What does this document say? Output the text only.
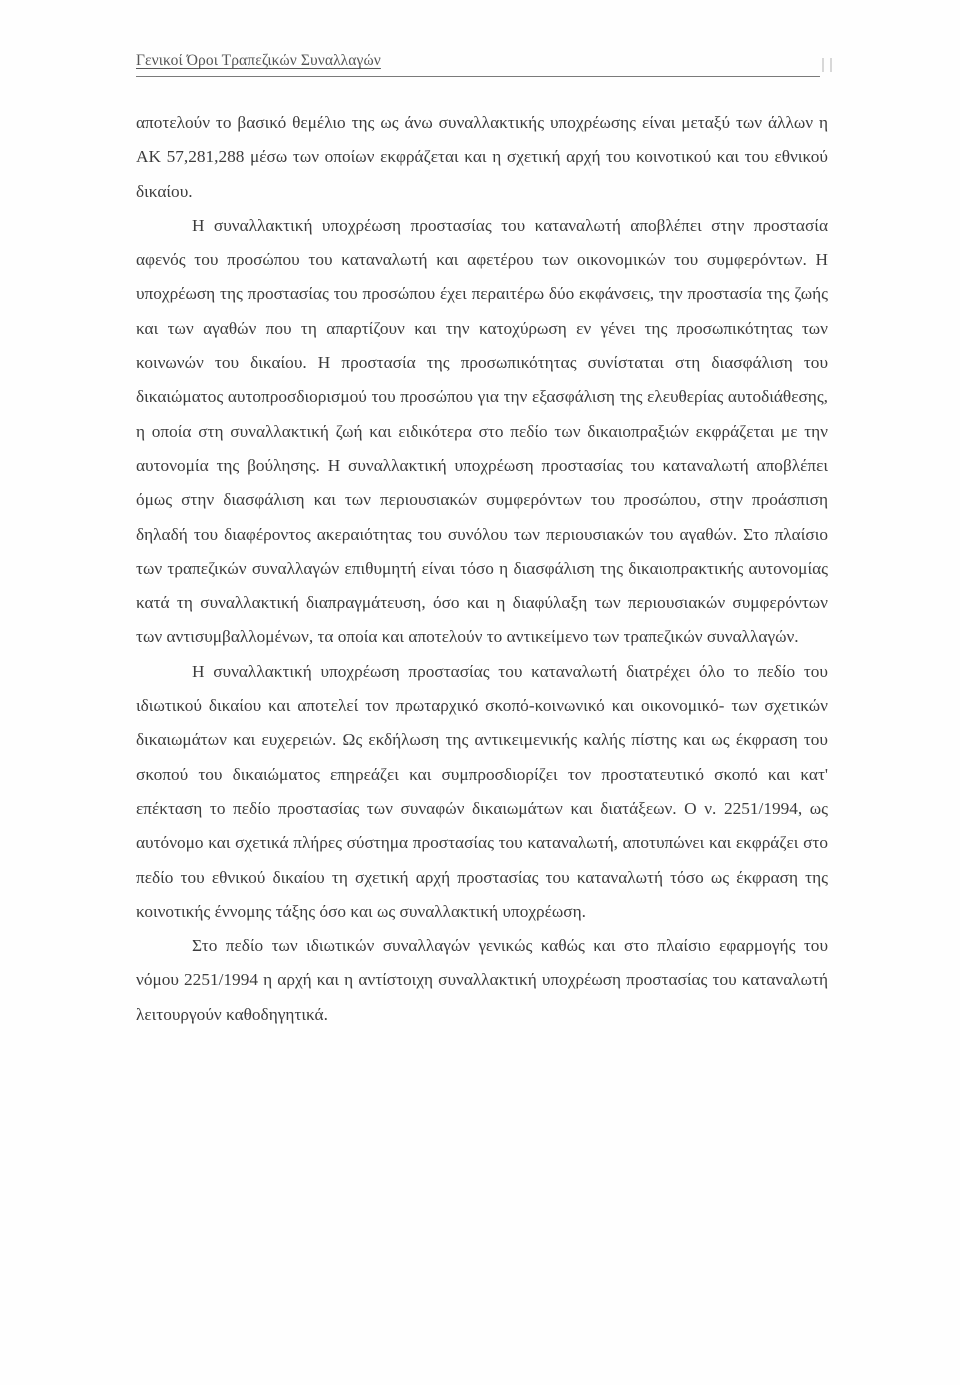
Γενικοί Όροι Τραπεζικών Συναλλαγών

αποτελούν το βασικό θεμέλιο της ως άνω συναλλακτικής υποχρέωσης είναι μεταξύ των άλλων η ΑΚ 57,281,288 μέσω των οποίων εκφράζεται και η σχετική αρχή του κοινοτικού και του εθνικού δικαίου.

Η συναλλακτική υποχρέωση προστασίας του καταναλωτή αποβλέπει στην προστασία αφενός του προσώπου του καταναλωτή και αφετέρου των οικονομικών του συμφερόντων. Η υποχρέωση της προστασίας του προσώπου έχει περαιτέρω δύο εκφάνσεις, την προστασία της ζωής και των αγαθών που τη απαρτίζουν και την κατοχύρωση εν γένει της προσωπικότητας των κοινωνών του δικαίου. Η προστασία της προσωπικότητας συνίσταται στη διασφάλιση του δικαιώματος αυτοπροσδιορισμού του προσώπου για την εξασφάλιση της ελευθερίας αυτοδιάθεσης, η οποία στη συναλλακτική ζωή και ειδικότερα στο πεδίο των δικαιοπραξιών εκφράζεται με την αυτονομία της βούλησης. Η συναλλακτική υποχρέωση προστασίας του καταναλωτή αποβλέπει όμως στην διασφάλιση και των περιουσιακών συμφερόντων του προσώπου, στην προάσπιση δηλαδή του διαφέροντος ακεραιότητας του συνόλου των περιουσιακών του αγαθών. Στο πλαίσιο των τραπεζικών συναλλαγών επιθυμητή είναι τόσο η διασφάλιση της δικαιοπρακτικής αυτονομίας κατά τη συναλλακτική διαπραγμάτευση, όσο και η διαφύλαξη των περιουσιακών συμφερόντων των αντισυμβαλλομένων, τα οποία και αποτελούν το αντικείμενο των τραπεζικών συναλλαγών.

Η συναλλακτική υποχρέωση προστασίας του καταναλωτή διατρέχει όλο το πεδίο του ιδιωτικού δικαίου και αποτελεί τον πρωταρχικό σκοπό-κοινωνικό και οικονομικό- των σχετικών δικαιωμάτων και ευχερειών. Ως εκδήλωση της αντικειμενικής καλής πίστης και ως έκφραση του σκοπού του δικαιώματος επηρεάζει και συμπροσδιορίζει τον προστατευτικό σκοπό και κατ' επέκταση το πεδίο προστασίας των συναφών δικαιωμάτων και διατάξεων. Ο ν. 2251/1994, ως αυτόνομο και σχετικά πλήρες σύστημα προστασίας του καταναλωτή, αποτυπώνει και εκφράζει στο πεδίο του εθνικού δικαίου τη σχετική αρχή προστασίας του καταναλωτή τόσο ως έκφραση της κοινοτικής έννομης τάξης όσο και ως συναλλακτική υποχρέωση.

Στο πεδίο των ιδιωτικών συναλλαγών γενικώς καθώς και στο πλαίσιο εφαρμογής του νόμου 2251/1994 η αρχή και η αντίστοιχη συναλλακτική υποχρέωση προστασίας του καταναλωτή λειτουργούν καθοδηγητικά.
